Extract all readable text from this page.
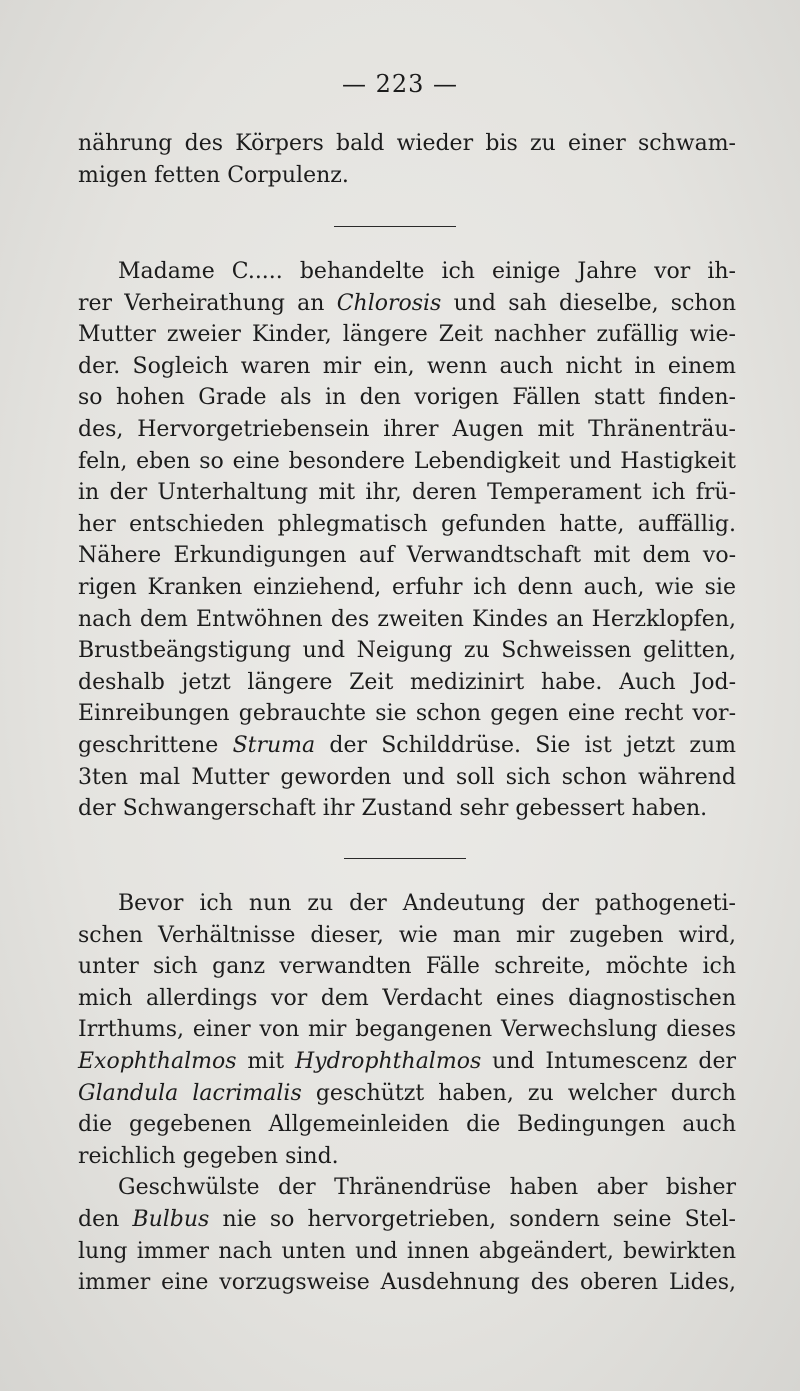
— 223 —
nährung des Körpers bald wieder bis zu einer schwam-
migen fetten Corpulenz.
Madame C..... behandelte ich einige Jahre vor ih-
rer Verheirathung an Chlorosis und sah dieselbe, schon
Mutter zweier Kinder, längere Zeit nachher zufällig wie-
der. Sogleich waren mir ein, wenn auch nicht in einem
so hohen Grade als in den vorigen Fällen statt finden-
des, Hervorgetriebensein ihrer Augen mit Thränenträu-
feln, eben so eine besondere Lebendigkeit und Hastigkeit
in der Unterhaltung mit ihr, deren Temperament ich frü-
her entschieden phlegmatisch gefunden hatte, auffällig.
Nähere Erkundigungen auf Verwandtschaft mit dem vo-
rigen Kranken einziehend, erfuhr ich denn auch, wie sie
nach dem Entwöhnen des zweiten Kindes an Herzklopfen,
Brustbeängstigung und Neigung zu Schweissen gelitten,
deshalb jetzt längere Zeit medizinirt habe. Auch Jod-
Einreibungen gebrauchte sie schon gegen eine recht vor-
geschrittene Struma der Schilddrüse. Sie ist jetzt zum
3ten mal Mutter geworden und soll sich schon während
der Schwangerschaft ihr Zustand sehr gebessert haben.
Bevor ich nun zu der Andeutung der pathogeneti-
schen Verhältnisse dieser, wie man mir zugeben wird,
unter sich ganz verwandten Fälle schreite, möchte ich
mich allerdings vor dem Verdacht eines diagnostischen
Irrthums, einer von mir begangenen Verwechslung dieses
Exophthalmos mit Hydrophthalmos und Intumescenz der
Glandula lacrimalis geschützt haben, zu welcher durch
die gegebenen Allgemeinleiden die Bedingungen auch
reichlich gegeben sind.
Geschwülste der Thränendrüse haben aber bisher
den Bulbus nie so hervorgetrieben, sondern seine Stel-
lung immer nach unten und innen abgeändert, bewirkten
immer eine vorzugsweise Ausdehnung des oberen Lides,
